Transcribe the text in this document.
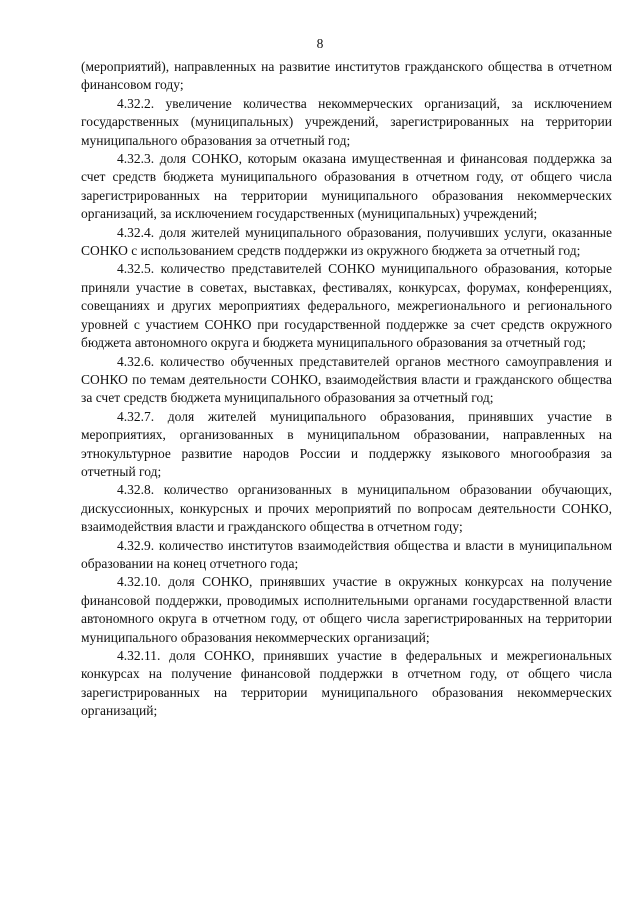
8

(мероприятий), направленных на развитие институтов гражданского общества в отчетном финансовом году;

4.32.2. увеличение количества некоммерческих организаций, за исключением государственных (муниципальных) учреждений, зарегистрированных на территории муниципального образования за отчетный год;

4.32.3. доля СОНКО, которым оказана имущественная и финансовая поддержка за счет средств бюджета муниципального образования в отчетном году, от общего числа зарегистрированных на территории муниципального образования некоммерческих организаций, за исключением государственных (муниципальных) учреждений;

4.32.4. доля жителей муниципального образования, получивших услуги, оказанные СОНКО с использованием средств поддержки из окружного бюджета за отчетный год;

4.32.5. количество представителей СОНКО муниципального образования, которые приняли участие в советах, выставках, фестивалях, конкурсах, форумах, конференциях, совещаниях и других мероприятиях федерального, межрегионального и регионального уровней с участием СОНКО при государственной поддержке за счет средств окружного бюджета автономного округа и бюджета муниципального образования за отчетный год;

4.32.6. количество обученных представителей органов местного самоуправления и СОНКО по темам деятельности СОНКО, взаимодействия власти и гражданского общества за счет средств бюджета муниципального образования за отчетный год;

4.32.7. доля жителей муниципального образования, принявших участие в мероприятиях, организованных в муниципальном образовании, направленных на этнокультурное развитие народов России и поддержку языкового многообразия за отчетный год;

4.32.8. количество организованных в муниципальном образовании обучающих, дискуссионных, конкурсных и прочих мероприятий по вопросам деятельности СОНКО, взаимодействия власти и гражданского общества в отчетном году;

4.32.9. количество институтов взаимодействия общества и власти в муниципальном образовании на конец отчетного года;

4.32.10. доля СОНКО, принявших участие в окружных конкурсах на получение финансовой поддержки, проводимых исполнительными органами государственной власти автономного округа в отчетном году, от общего числа зарегистрированных на территории муниципального образования некоммерческих организаций;

4.32.11. доля СОНКО, принявших участие в федеральных и межрегиональных конкурсах на получение финансовой поддержки в отчетном году, от общего числа зарегистрированных на территории муниципального образования некоммерческих организаций;
